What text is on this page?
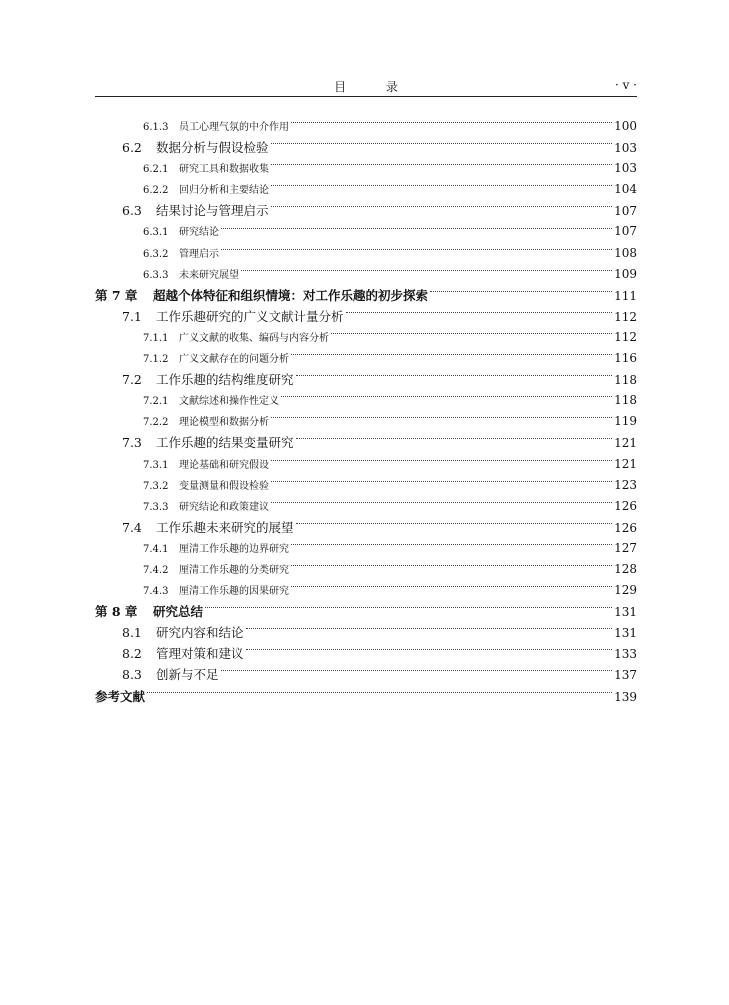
目 录	· v ·
6.1.3	员工心理气氛的中介作用	100
6.2	数据分析与假设检验	103
6.2.1	研究工具和数据收集	103
6.2.2	回归分析和主要结论	104
6.3	结果讨论与管理启示	107
6.3.1	研究结论	107
6.3.2	管理启示	108
6.3.3	未来研究展望	109
第 7 章	超越个体特征和组织情境：对工作乐趣的初步探索	111
7.1	工作乐趣研究的广义文献计量分析	112
7.1.1	广义文献的收集、编码与内容分析	112
7.1.2	广义文献存在的问题分析	116
7.2	工作乐趣的结构维度研究	118
7.2.1	文献综述和操作性定义	118
7.2.2	理论模型和数据分析	119
7.3	工作乐趣的结果变量研究	121
7.3.1	理论基础和研究假设	121
7.3.2	变量测量和假设检验	123
7.3.3	研究结论和政策建议	126
7.4	工作乐趣未来研究的展望	126
7.4.1	厘清工作乐趣的边界研究	127
7.4.2	厘清工作乐趣的分类研究	128
7.4.3	厘清工作乐趣的因果研究	129
第 8 章	研究总结	131
8.1	研究内容和结论	131
8.2	管理对策和建议	133
8.3	创新与不足	137
参考文献	139
